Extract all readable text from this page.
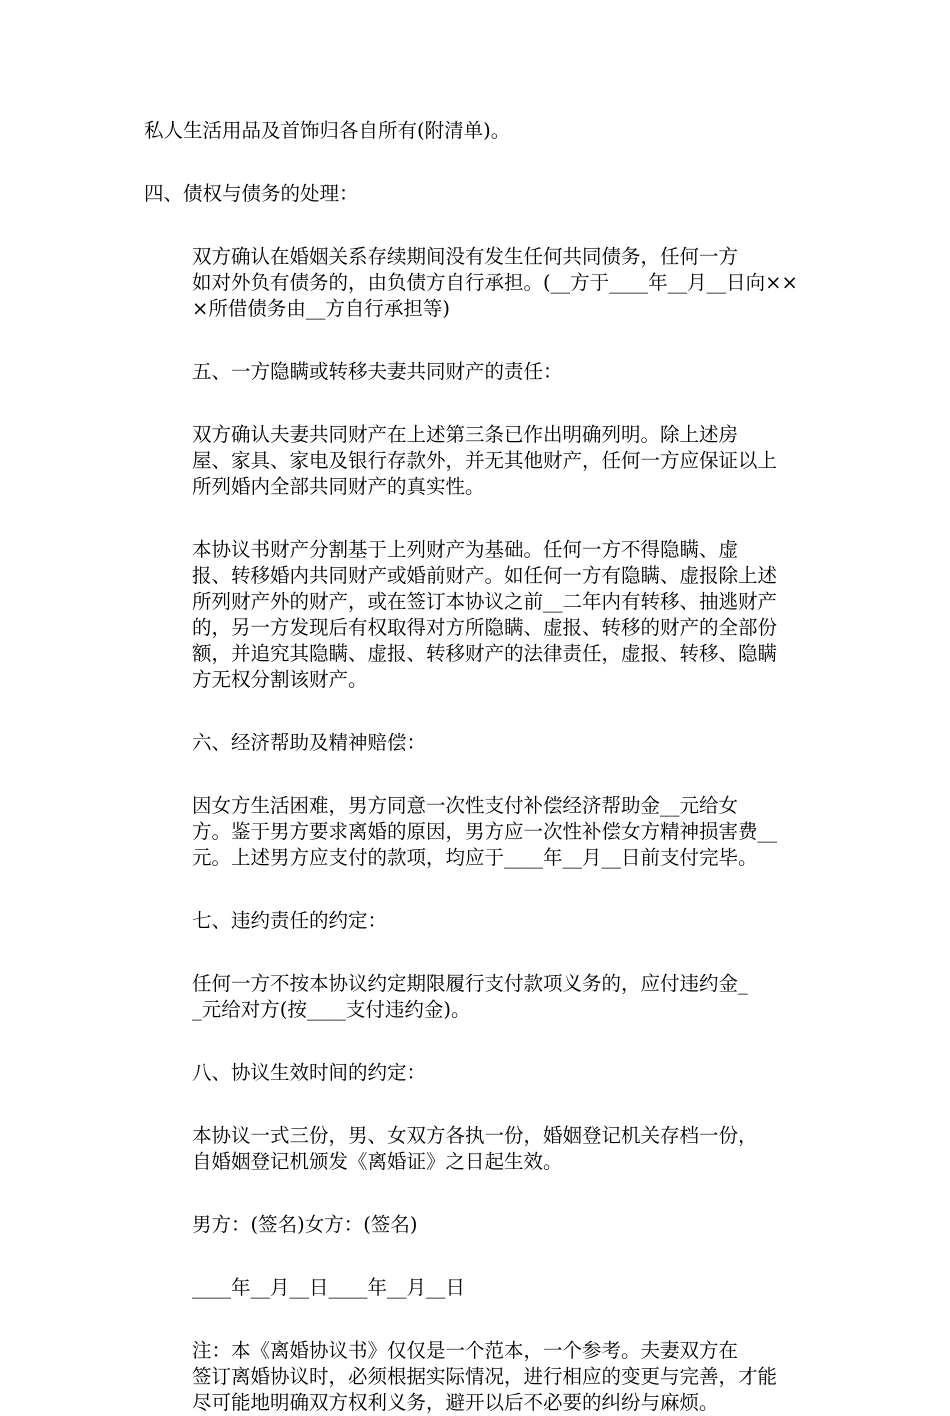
私人生活用品及首饰归各自所有(附清单)。

四、债权与债务的处理：

双方确认在婚姻关系存续期间没有发生任何共同债务，任何一方
如对外负有债务的，由负债方自行承担。(__方于____年__月__日向××
×所借债务由__方自行承担等)

五、一方隐瞒或转移夫妻共同财产的责任：

双方确认夫妻共同财产在上述第三条已作出明确列明。除上述房
屋、家具、家电及银行存款外，并无其他财产，任何一方应保证以上
所列婚内全部共同财产的真实性。

本协议书财产分割基于上列财产为基础。任何一方不得隐瞒、虚
报、转移婚内共同财产或婚前财产。如任何一方有隐瞒、虚报除上述
所列财产外的财产，或在签订本协议之前__二年内有转移、抽逃财产
的，另一方发现后有权取得对方所隐瞒、虚报、转移的财产的全部份
额，并追究其隐瞒、虚报、转移财产的法律责任，虚报、转移、隐瞒
方无权分割该财产。

六、经济帮助及精神赔偿：

因女方生活困难，男方同意一次性支付补偿经济帮助金__元给女
方。鉴于男方要求离婚的原因，男方应一次性补偿女方精神损害费__
元。上述男方应支付的款项，均应于____年__月__日前支付完毕。

七、违约责任的约定：

任何一方不按本协议约定期限履行支付款项义务的，应付违约金_
_元给对方(按____支付违约金)。

八、协议生效时间的约定：

本协议一式三份，男、女双方各执一份，婚姻登记机关存档一份，
自婚姻登记机颁发《离婚证》之日起生效。

男方：(签名)女方：(签名)

____年__月__日____年__月__日

注：本《离婚协议书》仅仅是一个范本，一个参考。夫妻双方在
签订离婚协议时，必须根据实际情况，进行相应的变更与完善，才能
尽可能地明确双方权利义务，避开以后不必要的纠纷与麻烦。
